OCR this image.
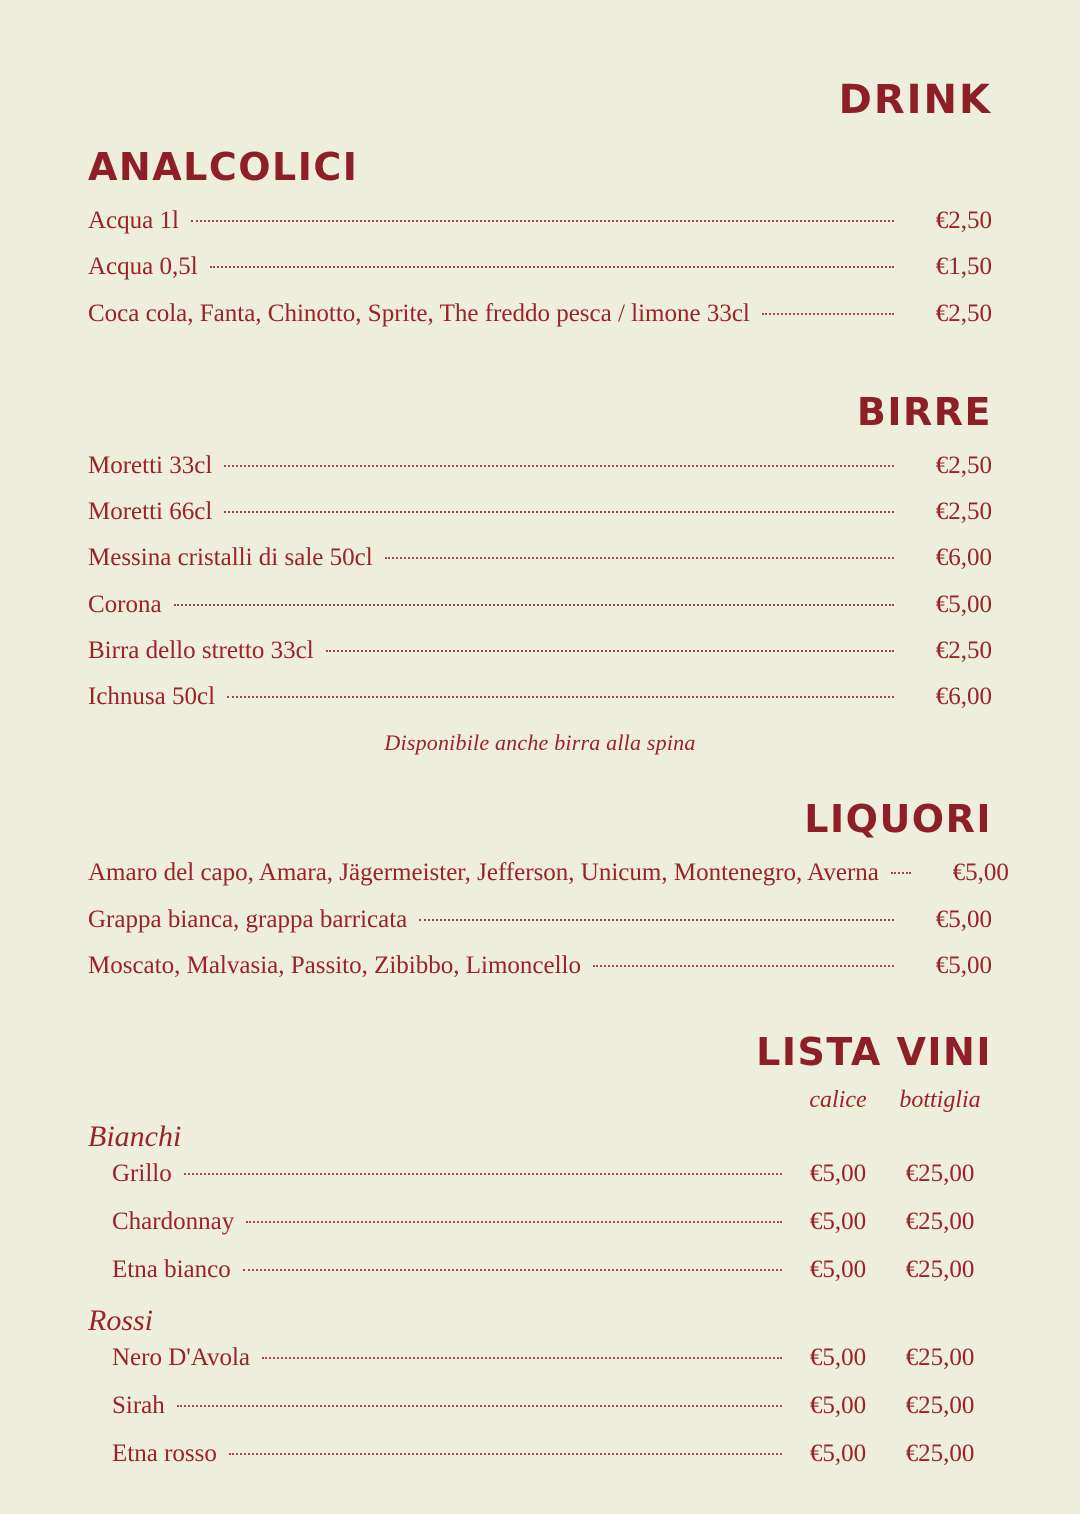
DRINK
ANALCOLICI
Acqua 1l	€2,50
Acqua 0,5l	€1,50
Coca cola, Fanta, Chinotto, Sprite, The freddo pesca / limone 33cl	€2,50
BIRRE
Moretti 33cl	€2,50
Moretti 66cl	€2,50
Messina cristalli di sale 50cl	€6,00
Corona	€5,00
Birra dello stretto 33cl	€2,50
Ichnusa 50cl	€6,00
Disponibile anche birra alla spina
LIQUORI
Amaro del capo, Amara, Jägermeister, Jefferson, Unicum, Montenegro, Averna	€5,00
Grappa bianca, grappa barricata	€5,00
Moscato, Malvasia, Passito, Zibibbo, Limoncello	€5,00
LISTA VINI
calice	bottiglia
Bianchi
Grillo	€5,00	€25,00
Chardonnay	€5,00	€25,00
Etna bianco	€5,00	€25,00
Rossi
Nero D'Avola	€5,00	€25,00
Sirah	€5,00	€25,00
Etna rosso	€5,00	€25,00
